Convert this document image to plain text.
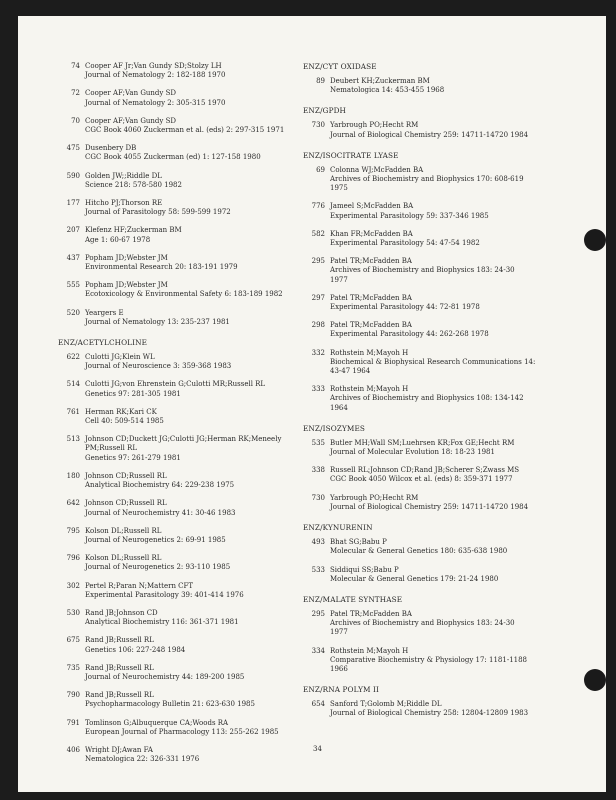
74 Cooper AF Jr;Van Gundy SD;Stolzy LH
Journal of Nematology 2: 182-188 1970
72 Cooper AF;Van Gundy SD
Journal of Nematology 2: 305-315 1970
70 Cooper AF;Van Gundy SD
CGC Book 4060 Zuckerman et al. (eds) 2: 297-315 1971
475 Dusenbery DB
CGC Book 4055 Zuckerman (ed) 1: 127-158 1980
590 Golden JW;;Riddle DL
Science 218: 578-580 1982
177 Hitcho PJ;Thorson RE
Journal of Parasitology 58: 599-599 1972
207 Klefenz HF;Zuckerman BM
Age 1: 60-67 1978
437 Popham JD;Webster JM
Environmental Research 20: 183-191 1979
555 Popham JD;Webster JM
Ecotoxicology & Environmental Safety 6: 183-189 1982
520 Yeargers E
Journal of Nematology 13: 235-237 1981
ENZ/ACETYLCHOLINE
622 Culotti JG;Klein WL
Journal of Neuroscience 3: 359-368 1983
514 Culotti JG;von Ehrenstein G;Culotti MR;Russell RL
Genetics 97: 281-305 1981
761 Herman RK;Kari CK
Cell 40: 509-514 1985
513 Johnson CD;Duckett JG;Culotti JG;Herman RK;Meneely
PM;Russell RL
Genetics 97: 261-279 1981
180 Johnson CD;Russell RL
Analytical Biochemistry 64: 229-238 1975
642 Johnson CD;Russell RL
Journal of Neurochemistry 41: 30-46 1983
795 Kolson DL;Russell RL
Journal of Neurogenetics 2: 69-91 1985
796 Kolson DL;Russell RL
Journal of Neurogenetics 2: 93-110 1985
302 Pertel R;Paran N;Mattern CFT
Experimental Parasitology 39: 401-414 1976
530 Rand JB;Johnson CD
Analytical Biochemistry 116: 361-371 1981
675 Rand JB;Russell RL
Genetics 106: 227-248 1984
735 Rand JB;Russell RL
Journal of Neurochemistry 44: 189-200 1985
790 Rand JB;Russell RL
Psychopharmacology Bulletin 21: 623-630 1985
791 Tomlinson G;Albuquerque CA;Woods RA
European Journal of Pharmacology 113: 255-262 1985
406 Wright DJ;Awan FA
Nematologica 22: 326-331 1976
ENZ/CYT OXIDASE
89 Deubert KH;Zuckerman BM
Nematologica 14: 453-455 1968
ENZ/GPDH
730 Yarbrough PO;Hecht RM
Journal of Biological Chemistry 259: 14711-14720 1984
ENZ/ISOCITRATE LYASE
69 Colonna WJ;McFadden BA
Archives of Biochemistry and Biophysics 170: 608-619
1975
776 Jameel S;McFadden BA
Experimental Parasitology 59: 337-346 1985
582 Khan FR;McFadden BA
Experimental Parasitology 54: 47-54 1982
295 Patel TR;McFadden BA
Archives of Biochemistry and Biophysics 183: 24-30
1977
297 Patel TR;McFadden BA
Experimental Parasitology 44: 72-81 1978
298 Patel TR;McFadden BA
Experimental Parasitology 44: 262-268 1978
332 Rothstein M;Mayoh H
Biochemical & Biophysical Research Communications 14:
43-47 1964
333 Rothstein M;Mayoh H
Archives of Biochemistry and Biophysics 108: 134-142
1964
ENZ/ISOZYMES
535 Butler MH;Wall SM;Luehrsen KR;Fox GE;Hecht RM
Journal of Molecular Evolution 18: 18-23 1981
338 Russell RL;Johnson CD;Rand JB;Scherer S;Zwass MS
CGC Book 4050 Wilcox et al. (eds) 8: 359-371 1977
730 Yarbrough PO;Hecht RM
Journal of Biological Chemistry 259: 14711-14720 1984
ENZ/KYNURENIN
493 Bhat SG;Babu P
Molecular & General Genetics 180: 635-638 1980
533 Siddiqui SS;Babu P
Molecular & General Genetics 179: 21-24 1980
ENZ/MALATE SYNTHASE
295 Patel TR;McFadden BA
Archives of Biochemistry and Biophysics 183: 24-30
1977
334 Rothstein M;Mayoh H
Comparative Biochemistry & Physiology 17: 1181-1188
1966
ENZ/RNA POLYM II
654 Sanford T;Golomb M;Riddle DL
Journal of Biological Chemistry 258: 12804-12809 1983
34
